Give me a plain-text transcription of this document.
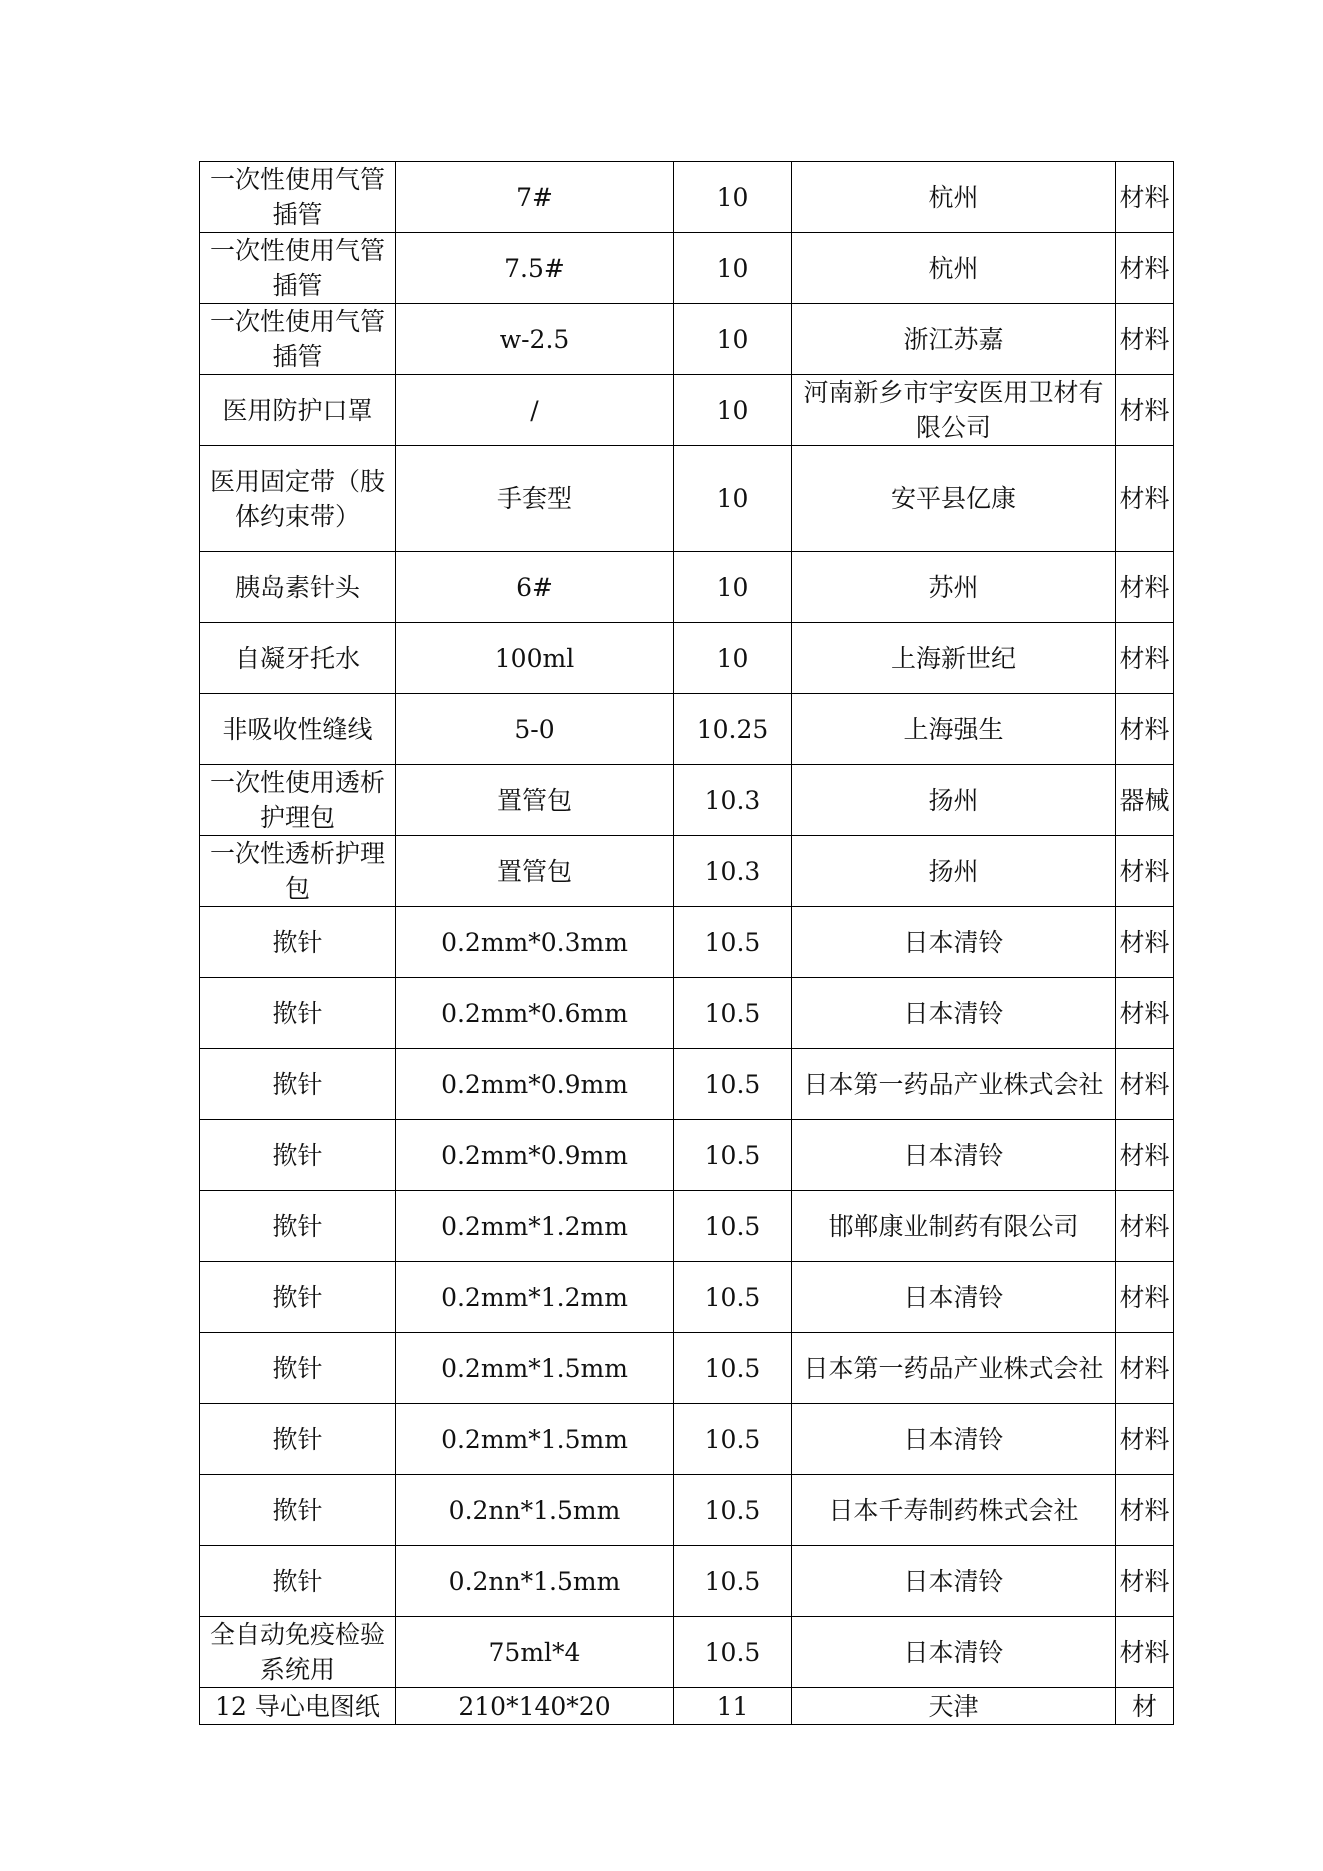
一次性使用气管插管	7#	10	杭州	材料
一次性使用气管插管	7.5#	10	杭州	材料
一次性使用气管插管	w-2.5	10	浙江苏嘉	材料
医用防护口罩	/	10	河南新乡市宇安医用卫材有限公司	材料
医用固定带（肢体约束带）	手套型	10	安平县亿康	材料
胰岛素针头	6#	10	苏州	材料
自凝牙托水	100ml	10	上海新世纪	材料
非吸收性缝线	5-0	10.25	上海强生	材料
一次性使用透析护理包	置管包	10.3	扬州	器械
一次性透析护理包	置管包	10.3	扬州	材料
揿针	0.2mm*0.3mm	10.5	日本清铃	材料
揿针	0.2mm*0.6mm	10.5	日本清铃	材料
揿针	0.2mm*0.9mm	10.5	日本第一药品产业株式会社	材料
揿针	0.2mm*0.9mm	10.5	日本清铃	材料
揿针	0.2mm*1.2mm	10.5	邯郸康业制药有限公司	材料
揿针	0.2mm*1.2mm	10.5	日本清铃	材料
揿针	0.2mm*1.5mm	10.5	日本第一药品产业株式会社	材料
揿针	0.2mm*1.5mm	10.5	日本清铃	材料
揿针	0.2nn*1.5mm	10.5	日本千寿制药株式会社	材料
揿针	0.2nn*1.5mm	10.5	日本清铃	材料
全自动免疫检验系统用	75ml*4	10.5	日本清铃	材料
12 导心电图纸	210*140*20	11	天津	材
